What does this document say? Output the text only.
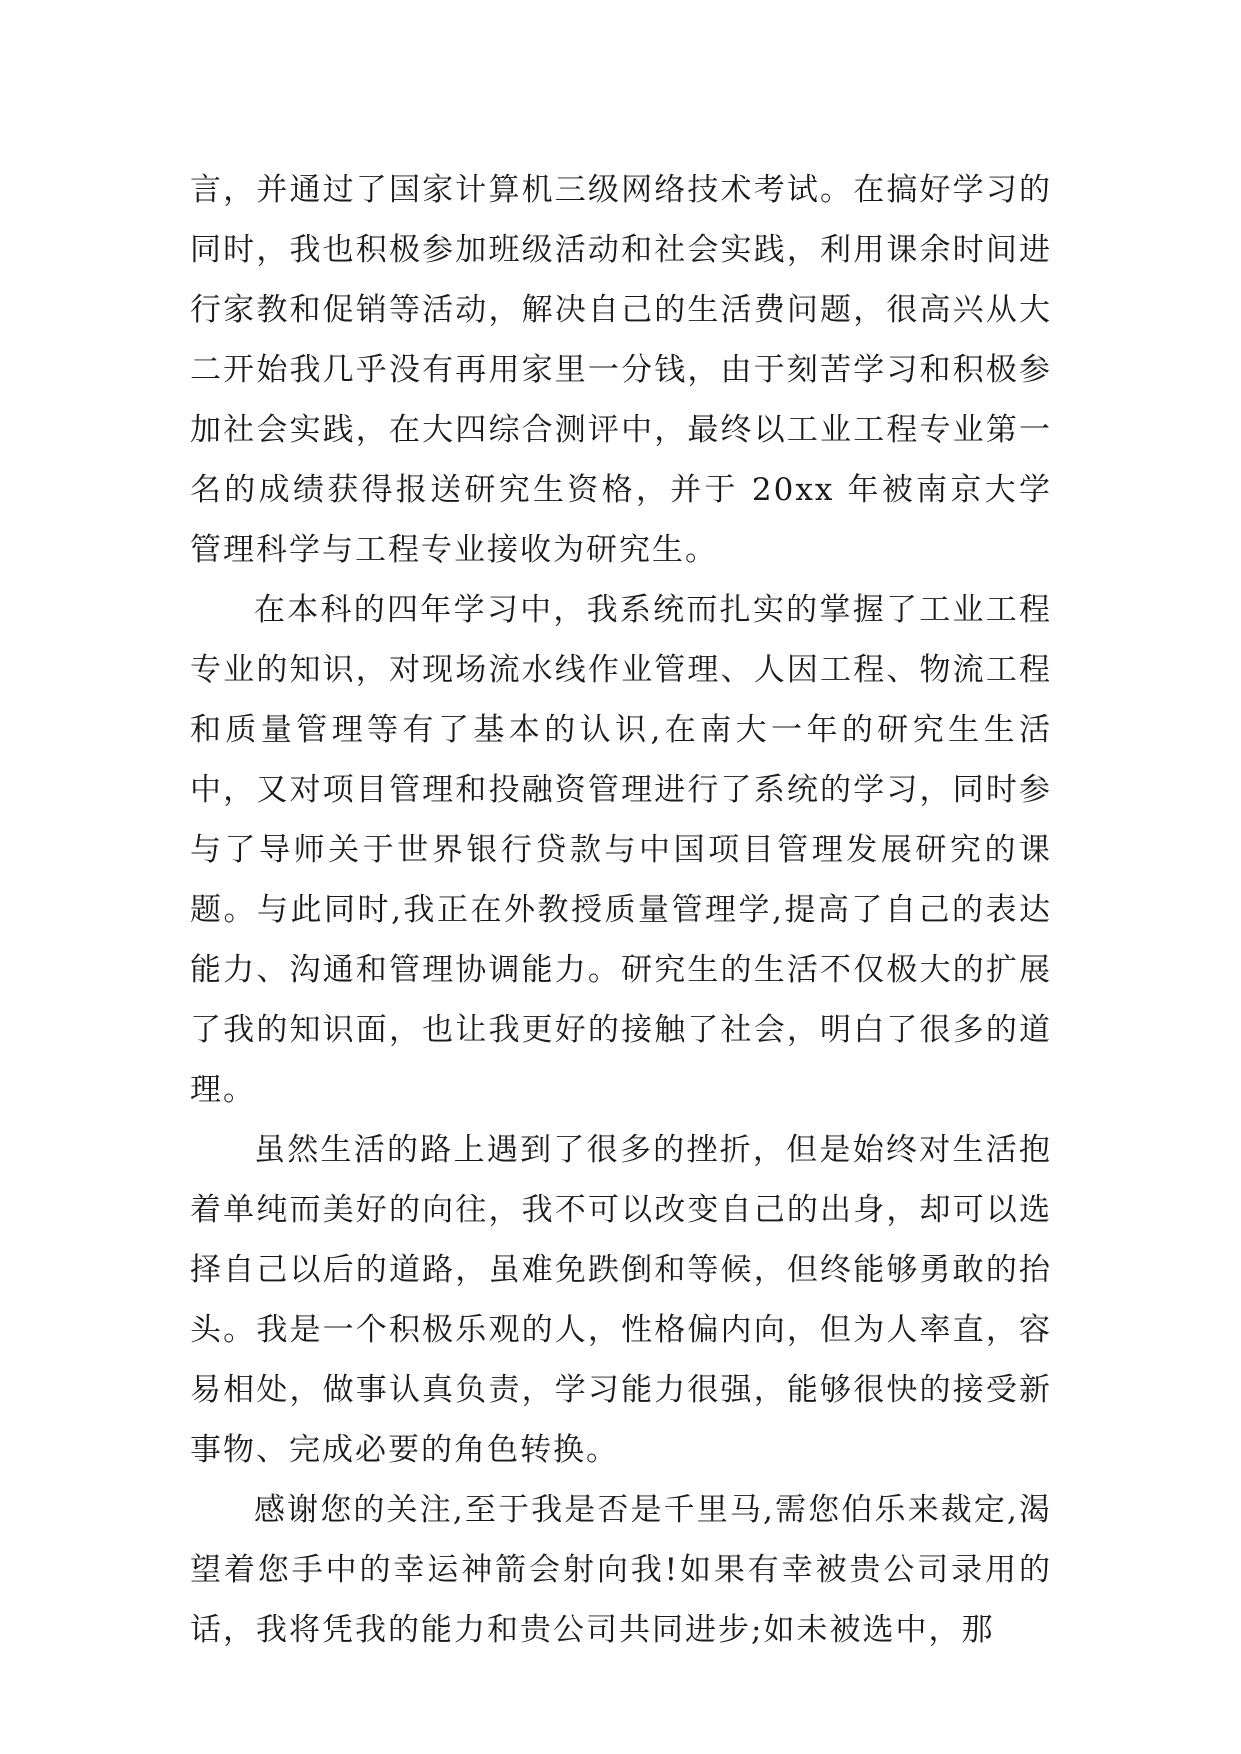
言，并通过了国家计算机三级网络技术考试。在搞好学习的同时，我也积极参加班级活动和社会实践，利用课余时间进行家教和促销等活动，解决自己的生活费问题，很高兴从大二开始我几乎没有再用家里一分钱，由于刻苦学习和积极参加社会实践，在大四综合测评中，最终以工业工程专业第一名的成绩获得报送研究生资格，并于 20xx 年被南京大学管理科学与工程专业接收为研究生。

在本科的四年学习中，我系统而扎实的掌握了工业工程专业的知识，对现场流水线作业管理、人因工程、物流工程和质量管理等有了基本的认识,在南大一年的研究生生活中，又对项目管理和投融资管理进行了系统的学习，同时参与了导师关于世界银行贷款与中国项目管理发展研究的课题。与此同时,我正在外教授质量管理学,提高了自己的表达能力、沟通和管理协调能力。研究生的生活不仅极大的扩展了我的知识面，也让我更好的接触了社会，明白了很多的道理。

虽然生活的路上遇到了很多的挫折，但是始终对生活抱着单纯而美好的向往，我不可以改变自己的出身，却可以选择自己以后的道路，虽难免跌倒和等候，但终能够勇敢的抬头。我是一个积极乐观的人，性格偏内向，但为人率直，容易相处，做事认真负责，学习能力很强，能够很快的接受新事物、完成必要的角色转换。

感谢您的关注,至于我是否是千里马,需您伯乐来裁定,渴望着您手中的幸运神箭会射向我!如果有幸被贵公司录用的话，我将凭我的能力和贵公司共同进步;如未被选中，那
